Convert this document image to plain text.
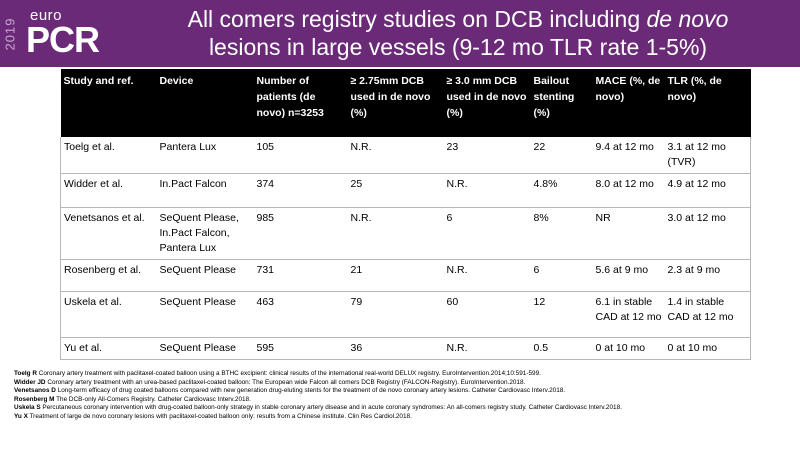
2019
euro
PCR	All comers registry studies on DCB including de novo
lesions in large vessels (9-12 mo TLR rate 1-5%)
Study and ref.	Device	Number of patients (de novo) n=3253	≥ 2.75mm DCB used in de novo (%)	≥ 3.0 mm DCB used in de novo (%)	Bailout stenting (%)	MACE (%, de novo)	TLR (%, de novo)
Toelg et al.	Pantera Lux	105	N.R.	23	22	9.4 at 12 mo	3.1 at 12 mo (TVR)
Widder et al.	In.Pact Falcon	374	25	N.R.	4.8%	8.0 at 12 mo	4.9 at 12 mo
Venetsanos et al.	SeQuent Please, In.Pact Falcon, Pantera Lux	985	N.R.	6	8%	NR	3.0 at 12 mo
Rosenberg et al.	SeQuent Please	731	21	N.R.	6	5.6 at 9 mo	2.3 at 9 mo
Uskela et al.	SeQuent Please	463	79	60	12	6.1 in stable CAD at 12 mo	1.4 in stable CAD at 12 mo
Yu et al.	SeQuent Please	595	36	N.R.	0.5	0 at 10 mo	0 at 10 mo
Toelg R Coronary artery treatment with paclitaxel-coated balloon using a BTHC excipient: clinical results of the international real-world DELUX registry. EuroIntervention.2014;10:591-599.
Widder JD Coronary artery treatment with an urea-based paclitaxel-coated balloon: The European wide Falcon all comers DCB Registry (FALCON-Registry). EuroIntervention.2018.
Venetsanos D Long-term efficacy of drug coated balloons compared with new generation drug-eluting stents for the treatment of de novo coronary artery lesions. Catheter Cardiovasc Interv.2018.
Rosenberg M The DCB-only All-Comers Registry. Catheter Cardiovasc Interv.2018.
Uskela S Percutaneous coronary intervention with drug-coated balloon-only strategy in stable coronary artery disease and in acute coronary syndromes: An all-comers registry study. Catheter Cardiovasc Interv.2018.
Yu X Treatment of large de novo coronary lesions with paclitaxel-coated balloon only: results from a Chinese institute. Clin Res Cardiol.2018.
